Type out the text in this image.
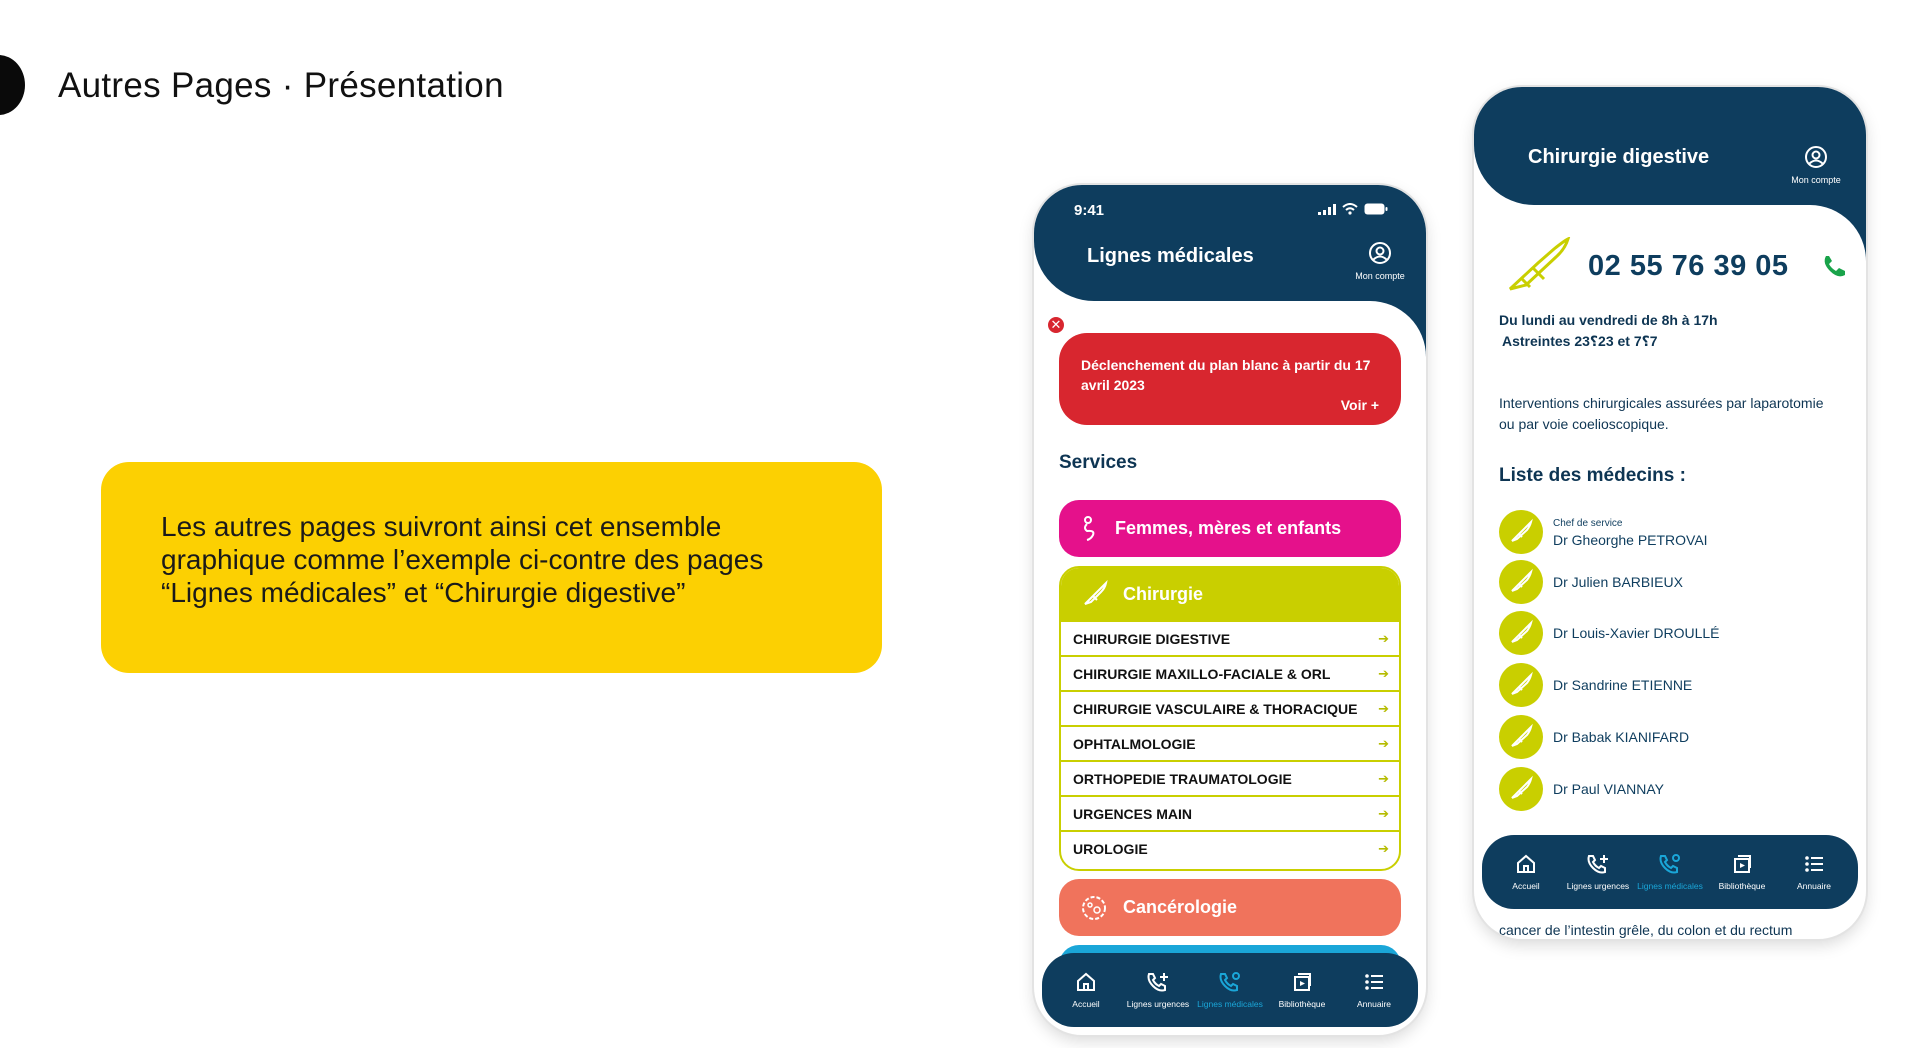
Autres Pages · Présentation

Les autres pages suivront ainsi cet ensemble graphique comme l’exemple ci-contre des pages “Lignes médicales” et “Chirurgie digestive”

9:41
Lignes médicales
Mon compte
Déclenchement du plan blanc à partir du 17 avril 2023
Voir +
✕
Services
Femmes, mères et enfants
Chirurgie
CHIRURGIE DIGESTIVE	➔
CHIRURGIE MAXILLO-FACIALE & ORL	➔
CHIRURGIE VASCULAIRE & THORACIQUE ➔
OPHTALMOLOGIE	➔
ORTHOPEDIE TRAUMATOLOGIE	➔
URGENCES MAIN	➔
UROLOGIE	➔
Cancérologie
Accueil	Lignes urgences Lignes médicales Bibliothèque	Annuaire
Chirurgie digestive
Mon compte
02 55 76 39 05
Du lundi au vendredi de 8h à 17h
Astreintes 23⸮23 et 7⸮7
Interventions chirurgicales assurées par laparotomie ou par voie coelioscopique.
Liste des médecins :
Chef de service
Dr Gheorghe PETROVAI
Dr Julien BARBIEUX
Dr Louis-Xavier DROULLÉ
Dr Sandrine ETIENNE
Dr Babak KIANIFARD
Dr Paul VIANNAY
cancer de l’intestin grêle, du colon et du rectum
Accueil	Lignes urgences Lignes médicales Bibliothèque	Annuaire
